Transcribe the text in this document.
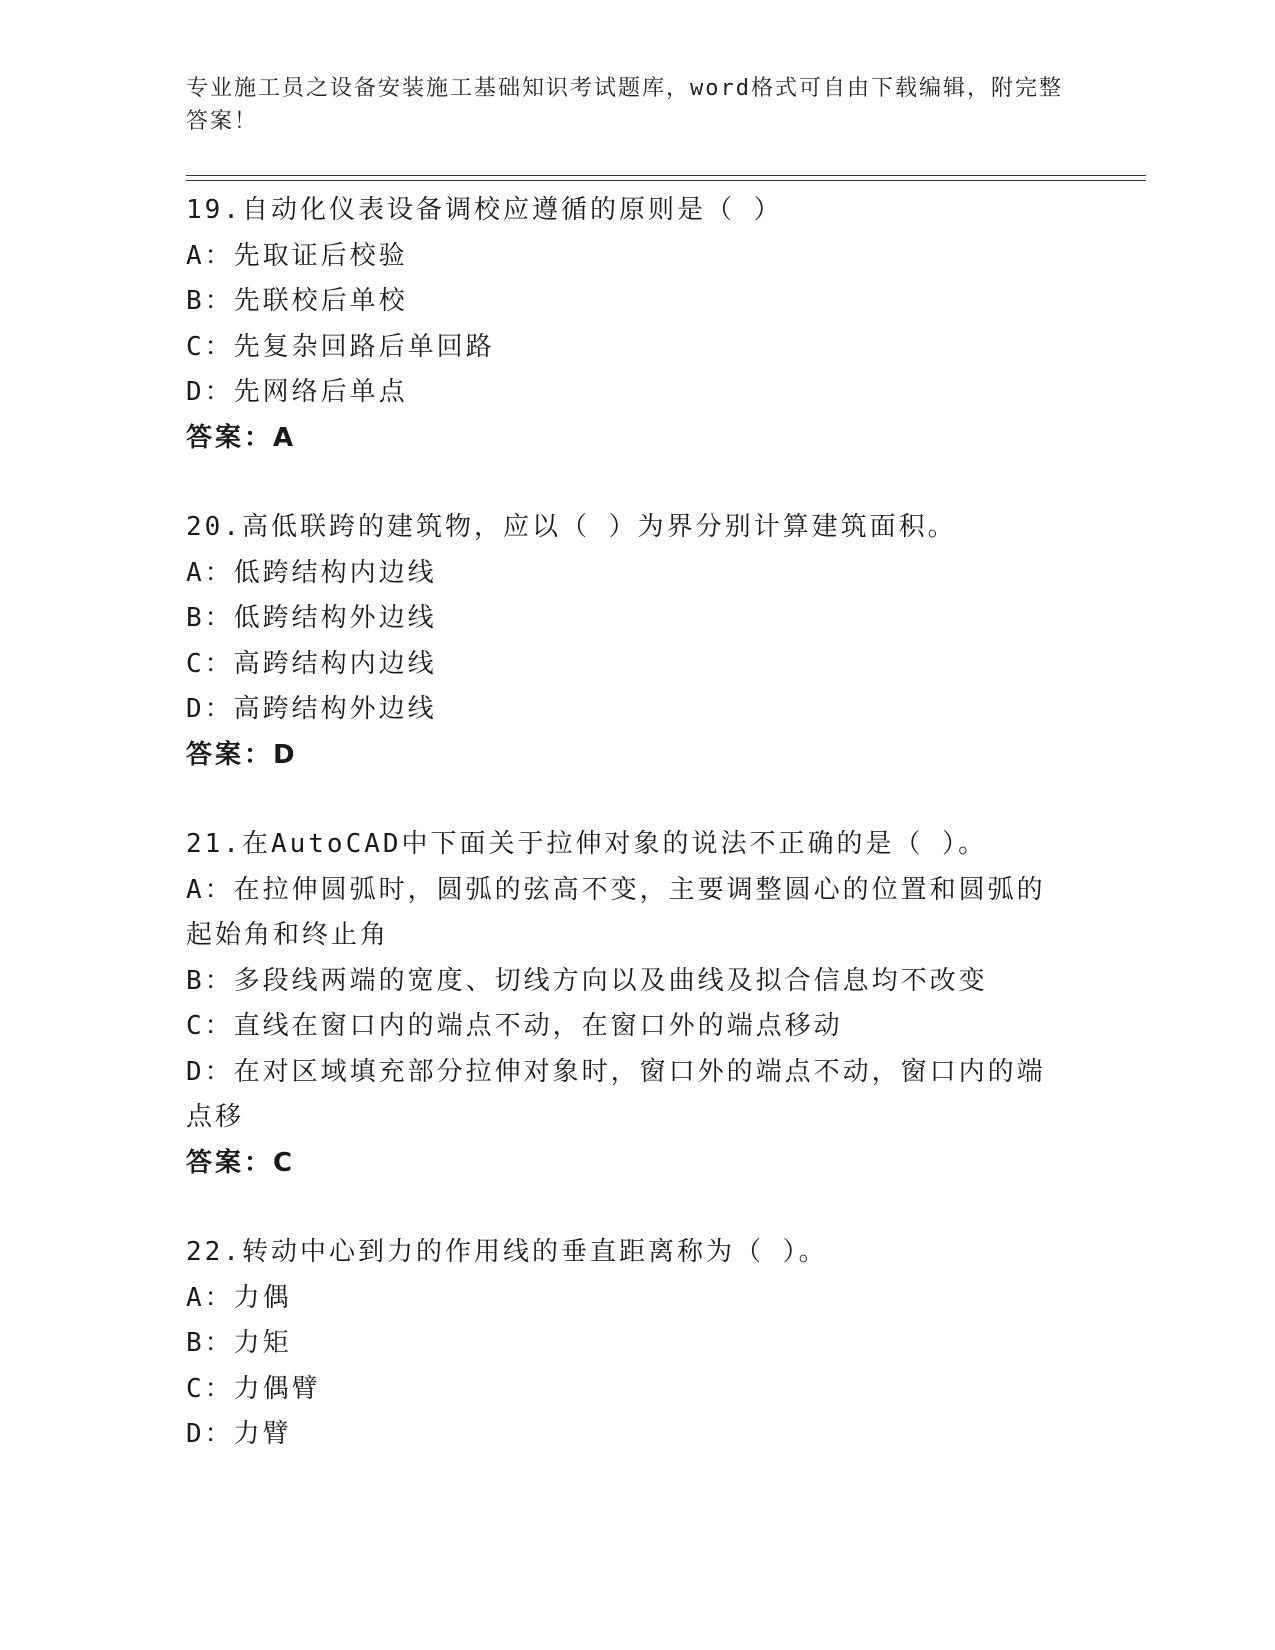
专业施工员之设备安装施工基础知识考试题库，word格式可自由下载编辑，附完整答案！
19.自动化仪表设备调校应遵循的原则是（ ）
A：先取证后校验
B：先联校后单校
C：先复杂回路后单回路
D：先网络后单点
答案：A
20.高低联跨的建筑物，应以（ ）为界分别计算建筑面积。
A：低跨结构内边线
B：低跨结构外边线
C：高跨结构内边线
D：高跨结构外边线
答案：D
21.在AutoCAD中下面关于拉伸对象的说法不正确的是（ ）。
A：在拉伸圆弧时，圆弧的弦高不变，主要调整圆心的位置和圆弧的起始角和终止角
B：多段线两端的宽度、切线方向以及曲线及拟合信息均不改变
C：直线在窗口内的端点不动，在窗口外的端点移动
D：在对区域填充部分拉伸对象时，窗口外的端点不动，窗口内的端点移
答案：C
22.转动中心到力的作用线的垂直距离称为（ ）。
A：力偶
B：力矩
C：力偶臂
D：力臂
